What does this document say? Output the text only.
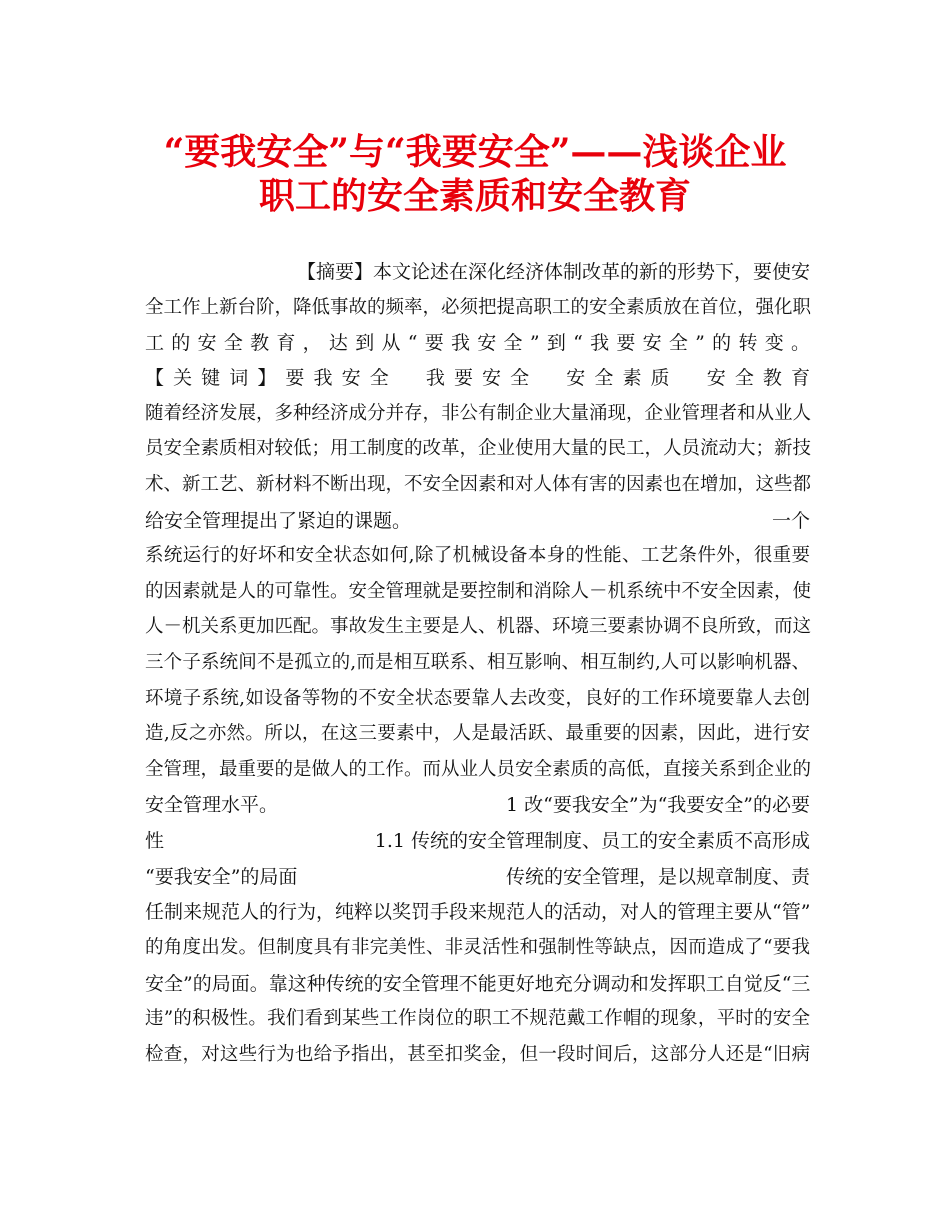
“要我安全”与“我要安全”——浅谈企业
职工的安全素质和安全教育
【摘要】本文论述在深化经济体制改革的新的形势下，要使安
全工作上新台阶，降低事故的频率，必须把提高职工的安全素质放在首位，强化职
工的安全教育，达到从“要我安全”到“我要安全”的转变。
【关键词】要我安全　我要安全　安全素质　安全教育
随着经济发展，多种经济成分并存，非公有制企业大量涌现，企业管理者和从业人
员安全素质相对较低；用工制度的改革，企业使用大量的民工，人员流动大；新技
术、新工艺、新材料不断出现，不安全因素和对人体有害的因素也在增加，这些都
给安全管理提出了紧迫的课题。	一个
系统运行的好坏和安全状态如何,除了机械设备本身的性能、工艺条件外，很重要
的因素就是人的可靠性。安全管理就是要控制和消除人－机系统中不安全因素，使
人－机关系更加匹配。事故发生主要是人、机器、环境三要素协调不良所致，而这
三个子系统间不是孤立的,而是相互联系、相互影响、相互制约,人可以影响机器、
环境子系统,如设备等物的不安全状态要靠人去改变，良好的工作环境要靠人去创
造,反之亦然。所以，在这三要素中，人是最活跃、最重要的因素，因此，进行安
全管理，最重要的是做人的工作。而从业人员安全素质的高低，直接关系到企业的
安全管理水平。	1 改“要我安全”为“我要安全”的必要
性	1.1 传统的安全管理制度、员工的安全素质不高形成
“要我安全”的局面	传统的安全管理，是以规章制度、责
任制来规范人的行为，纯粹以奖罚手段来规范人的活动，对人的管理主要从“管”
的角度出发。但制度具有非完美性、非灵活性和强制性等缺点，因而造成了“要我
安全”的局面。靠这种传统的安全管理不能更好地充分调动和发挥职工自觉反“三
违”的积极性。我们看到某些工作岗位的职工不规范戴工作帽的现象，平时的安全
检查，对这些行为也给予指出，甚至扣奖金，但一段时间后，这部分人还是“旧病
